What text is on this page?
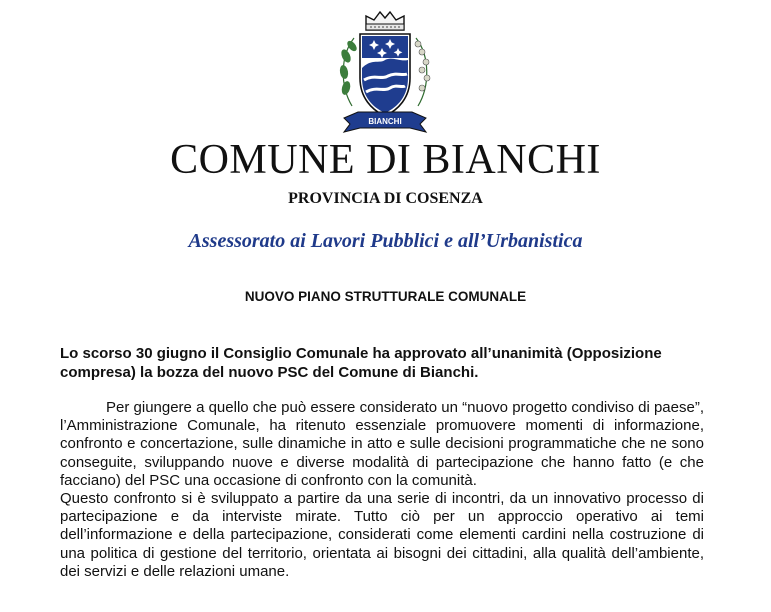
BIANCHI
COMUNE DI BIANCHI
PROVINCIA DI COSENZA
Assessorato ai Lavori Pubblici e all’Urbanistica
NUOVO PIANO STRUTTURALE COMUNALE
Lo scorso 30 giugno il Consiglio Comunale ha approvato all’unanimità (Opposizione compresa) la bozza del nuovo PSC del Comune di Bianchi.

Per giungere a quello che può essere considerato un “nuovo progetto condiviso di paese”, l’Amministrazione Comunale, ha ritenuto essenziale promuovere momenti di informazione, confronto e concertazione, sulle dinamiche in atto e sulle decisioni programmatiche che ne sono conseguite, sviluppando nuove e diverse modalità di partecipazione che hanno fatto (e che facciano) del PSC una occasione di confronto con la comunità.

Questo confronto si è sviluppato a partire da una serie di incontri, da un innovativo processo di partecipazione e da interviste mirate. Tutto ciò per un approccio operativo ai temi dell’informazione e della partecipazione, considerati come elementi cardini nella costruzione di una politica di gestione del territorio, orientata ai bisogni dei cittadini, alla qualità dell’ambiente, dei servizi e delle relazioni umane.
